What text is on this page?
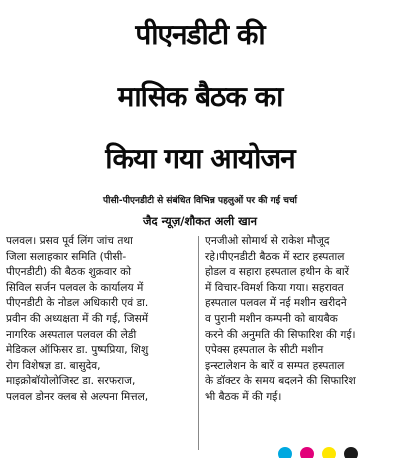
पीएनडीटी की
मासिक बैठक का
किया गया आयोजन

पीसी-पीएनडीटी से संबंधित विभिन्न पहलुओं पर की गई चर्चा

जैद न्यूज़/शौकत अली खान

पलवल। प्रसव पूर्व लिंग जांच तथा
जिला सलाहकार समिति (पीसी-
पीएनडीटी) की बैठक शुक्रवार को
सिविल सर्जन पलवल के कार्यालय में
पीएनडीटी के नोडल अधिकारी एवं डा.
प्रवीन की अध्यक्षता में की गई, जिसमें
नागरिक अस्पताल पलवल की लेडी
मेडिकल ऑफिसर डा. पुष्पप्रिया, शिशु
रोग विशेषज्ञ डा. बासुदेव,
माइक्रोबॉयोलोजिस्ट डा. सरफराज,
पलवल डोनर क्लब से अल्पना मित्तल,
एनजीओ सोमार्थ से राकेश मौजूद
रहे।पीएनडीटी बैठक में स्टार हस्पताल
होडल व सहारा हस्पताल हथीन के बारें
में विचार-विमर्श किया गया। सहरावत
हस्पताल पलवल में नई मशीन खरीदने
व पुरानी मशीन कम्पनी को बायबैक
करने की अनुमति की सिफारिश की गई।
एपेक्स हस्पताल के सीटी मशीन
इन्स्टालेशन के बारें व सम्पत हस्पताल
के डॉक्टर के समय बदलने की सिफारिश
भी बैठक में की गई।
